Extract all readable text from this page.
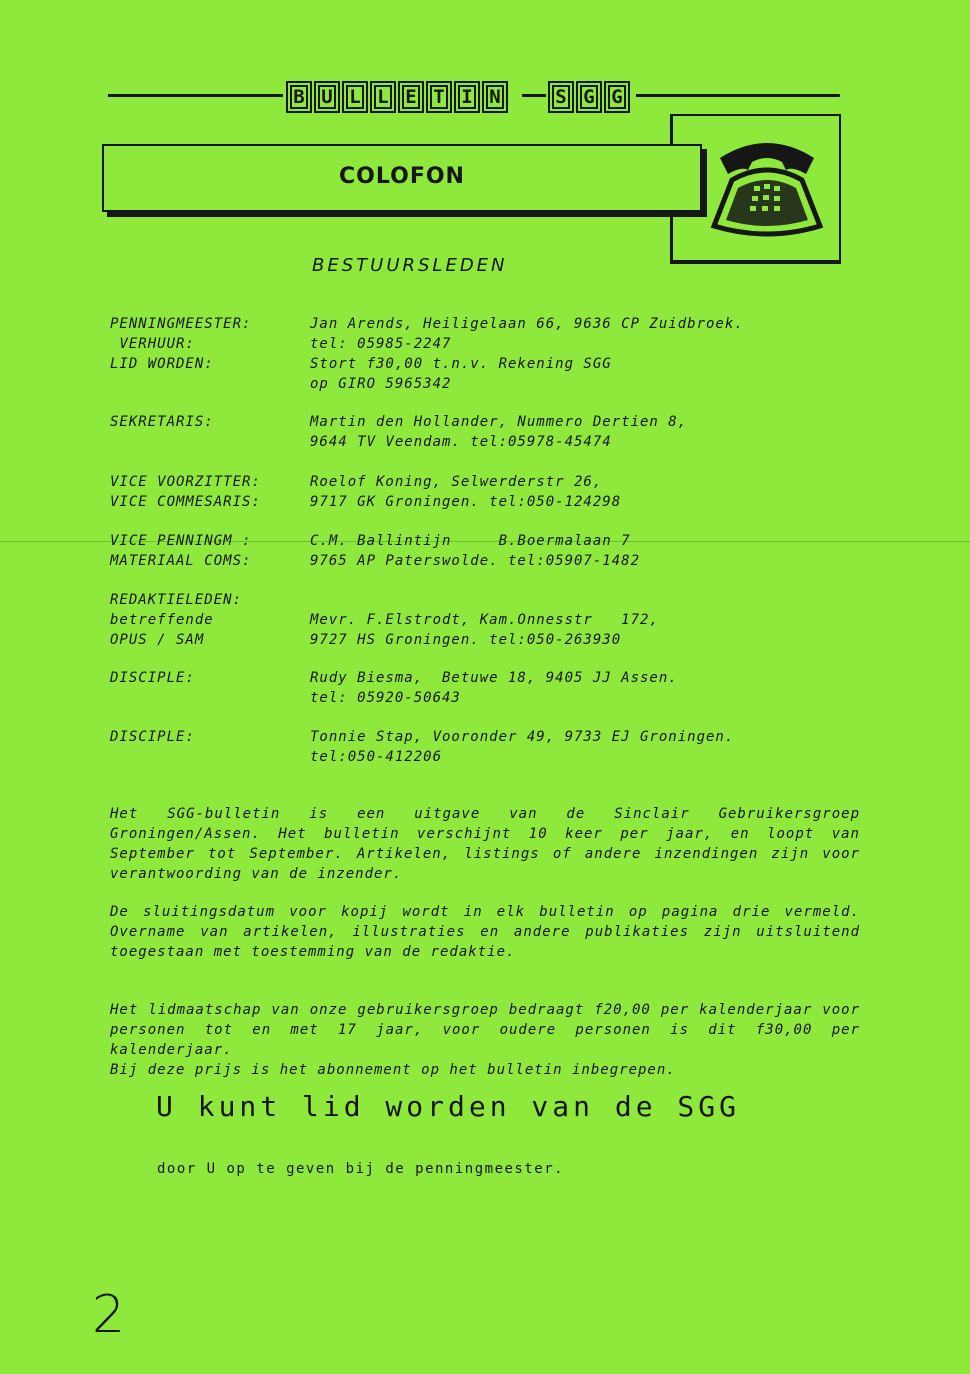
B U L L E T I N	S G G
COLOFON
BESTUURSLEDEN
PENNINGMEESTER:	Jan Arends, Heiligelaan 66, 9636 CP Zuidbroek.
VERHUUR:	tel: 05985-2247
LID WORDEN:	Stort f30,00 t.n.v. Rekening SGG
op GIRO 5965342
SEKRETARIS:	Martin den Hollander, Nummero Dertien 8,
9644 TV Veendam. tel:05978-45474
VICE VOORZITTER:	Roelof Koning, Selwerderstr 26,
VICE COMMESARIS:	9717 GK Groningen. tel:050-124298
VICE PENNINGM :	C.M. Ballintijn     B.Boermalaan 7
MATERIAAL COMS:	9765 AP Paterswolde. tel:05907-1482
REDAKTIELEDEN:
betreffende	Mevr. F.Elstrodt, Kam.Onnesstr   172,
OPUS / SAM	9727 HS Groningen. tel:050-263930
DISCIPLE:	Rudy Biesma,  Betuwe 18, 9405 JJ Assen.
tel: 05920-50643
DISCIPLE:	Tonnie Stap, Vooronder 49, 9733 EJ Groningen.
tel:050-412206
Het SGG-bulletin is een uitgave van de Sinclair Gebruikersgroep Groningen/Assen. Het bulletin verschijnt 10 keer per jaar, en loopt van September tot September. Artikelen, listings of andere inzendingen zijn voor verantwoording van de inzender.
De sluitingsdatum voor kopij wordt in elk bulletin op pagina drie vermeld. Overname van artikelen, illustraties en andere publikaties zijn uitsluitend toegestaan met toestemming van de redaktie.
Het lidmaatschap van onze gebruikersgroep bedraagt f20,00 per kalenderjaar voor personen tot en met 17 jaar, voor oudere personen is dit f30,00 per kalenderjaar.
Bij deze prijs is het abonnement op het bulletin inbegrepen.
U kunt lid worden van de SGG
door U op te geven bij de penningmeester.
2
